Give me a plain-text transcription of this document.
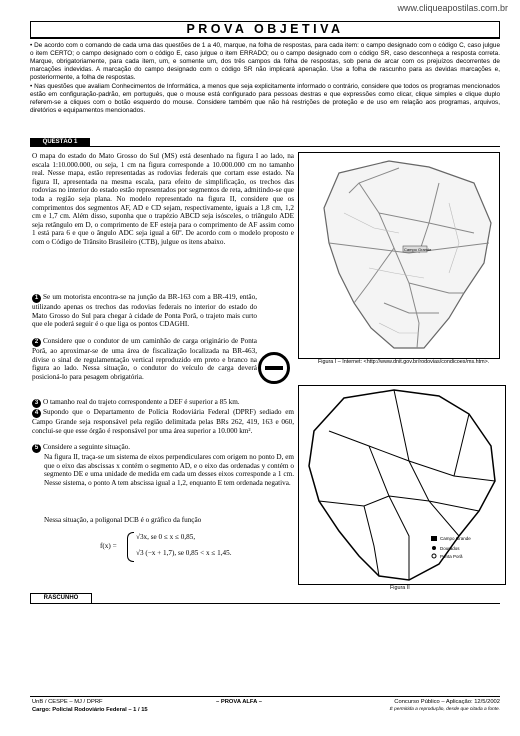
www.cliqueapostilas.com.br
PROVA OBJETIVA

• De acordo com o comando de cada uma das questões de 1 a 40, marque, na folha de respostas, para cada item: o campo designado com o código C, caso julgue o item CERTO; o campo designado com o código E, caso julgue o item ERRADO; ou o campo designado com o código SR, caso desconheça a resposta correta. Marque, obrigatoriamente, para cada item, um, e somente um, dos três campos da folha de respostas, sob pena de arcar com os prejuízos decorrentes de marcações indevidas. A marcação do campo designado com o código SR não implicará apenação. Use a folha de rascunho para as devidas marcações e, posteriormente, a folha de respostas.

• Nas questões que avaliam Conhecimentos de Informática, a menos que seja explicitamente informado o contrário, considere que todos os programas mencionados estão em configuração-padrão, em português, que o mouse está configurado para pessoas destras e que expressões como clicar, clique simples e clique duplo referem-se a cliques com o botão esquerdo do mouse. Considere também que não há restrições de proteção e de uso em relação aos programas, arquivos, diretórios e equipamentos mencionados.

QUESTÃO 1
O mapa do estado do Mato Grosso do Sul (MS) está desenhado na figura I ao lado, na escala 1:10.000.000, ou seja, 1 cm na figura corresponde a 10.000.000 cm no tamanho real. Nesse mapa, estão representadas as rodovias federais que cortam esse estado. Na figura II, apresentada na mesma escala, para efeito de simplificação, os trechos das rodovias no interior do estado estão representados por segmentos de reta, admitindo-se que toda a região seja plana. No modelo representado na figura II, considere que os comprimentos dos segmentos AF, AD e CD sejam, respectivamente, iguais a 1,8 cm, 1,2 cm e 1,7 cm. Além disso, suponha que o trapézio ABCD seja isósceles, o triângulo ADE seja retângulo em D, o comprimento de EF esteja para o comprimento de AF assim como 1 está para 6 e que o ângulo ADC seja igual a 60º. De acordo com o modelo proposto e com o Código de Trânsito Brasileiro (CTB), julgue os itens abaixo.
1 Se um motorista encontra-se na junção da BR-163 com a BR-419, então, utilizando apenas os trechos das rodovias federais no interior do estado do Mato Grosso do Sul para chegar à cidade de Ponta Porã, o trajeto mais curto que ele poderá seguir é o que liga os pontos CDAGHI.
2 Considere que o condutor de um caminhão de carga originário de Ponta Porã, ao aproximar-se de uma área de fiscalização localizada na BR-463, divise o sinal de regulamentação vertical reproduzido em preto e branco na figura ao lado. Nessa situação, o condutor do veículo de carga deverá posicioná-lo para pesagem obrigatória.
3 O tamanho real do trajeto correspondente a DEF é superior a 85 km.
4 Supondo que o Departamento de Polícia Rodoviária Federal (DPRF) sediado em Campo Grande seja responsável pela região delimitada pelas BRs 262, 419, 163 e 060, conclui-se que esse órgão é responsável por uma área superior a 10.000 km².
5 Considere a seguinte situação.
Na figura II, traça-se um sistema de eixos perpendiculares com origem no ponto D, em que o eixo das abscissas x contém o segmento AD, e o eixo das ordenadas y contém o segmento DE e uma unidade de medida em cada um desses eixos corresponde a 1 cm. Nesse sistema, o ponto A tem abscissa igual a 1,2, enquanto E tem ordenada negativa.
Nessa situação, a poligonal DCB é o gráfico da função
f(x) =
√3x, se 0 ≤ x ≤ 0,85,
√3 (−x + 1,7), se 0,85 < x ≤ 1,45.
Campo Grande
Figura I – Internet: <http://www.dnit.gov.br/rodovias/condicoes/ms.htm>.
Campo Grande
Dourados
Ponta Porã
Figura II
RASCUNHO
UnB / CESPE – MJ / DPRF	– PROVA ALFA –	Concurso Público – Aplicação: 12/5/2002
Cargo: Policial Rodoviário Federal – 1 / 15	É permitida a reprodução, desde que citada a fonte.
